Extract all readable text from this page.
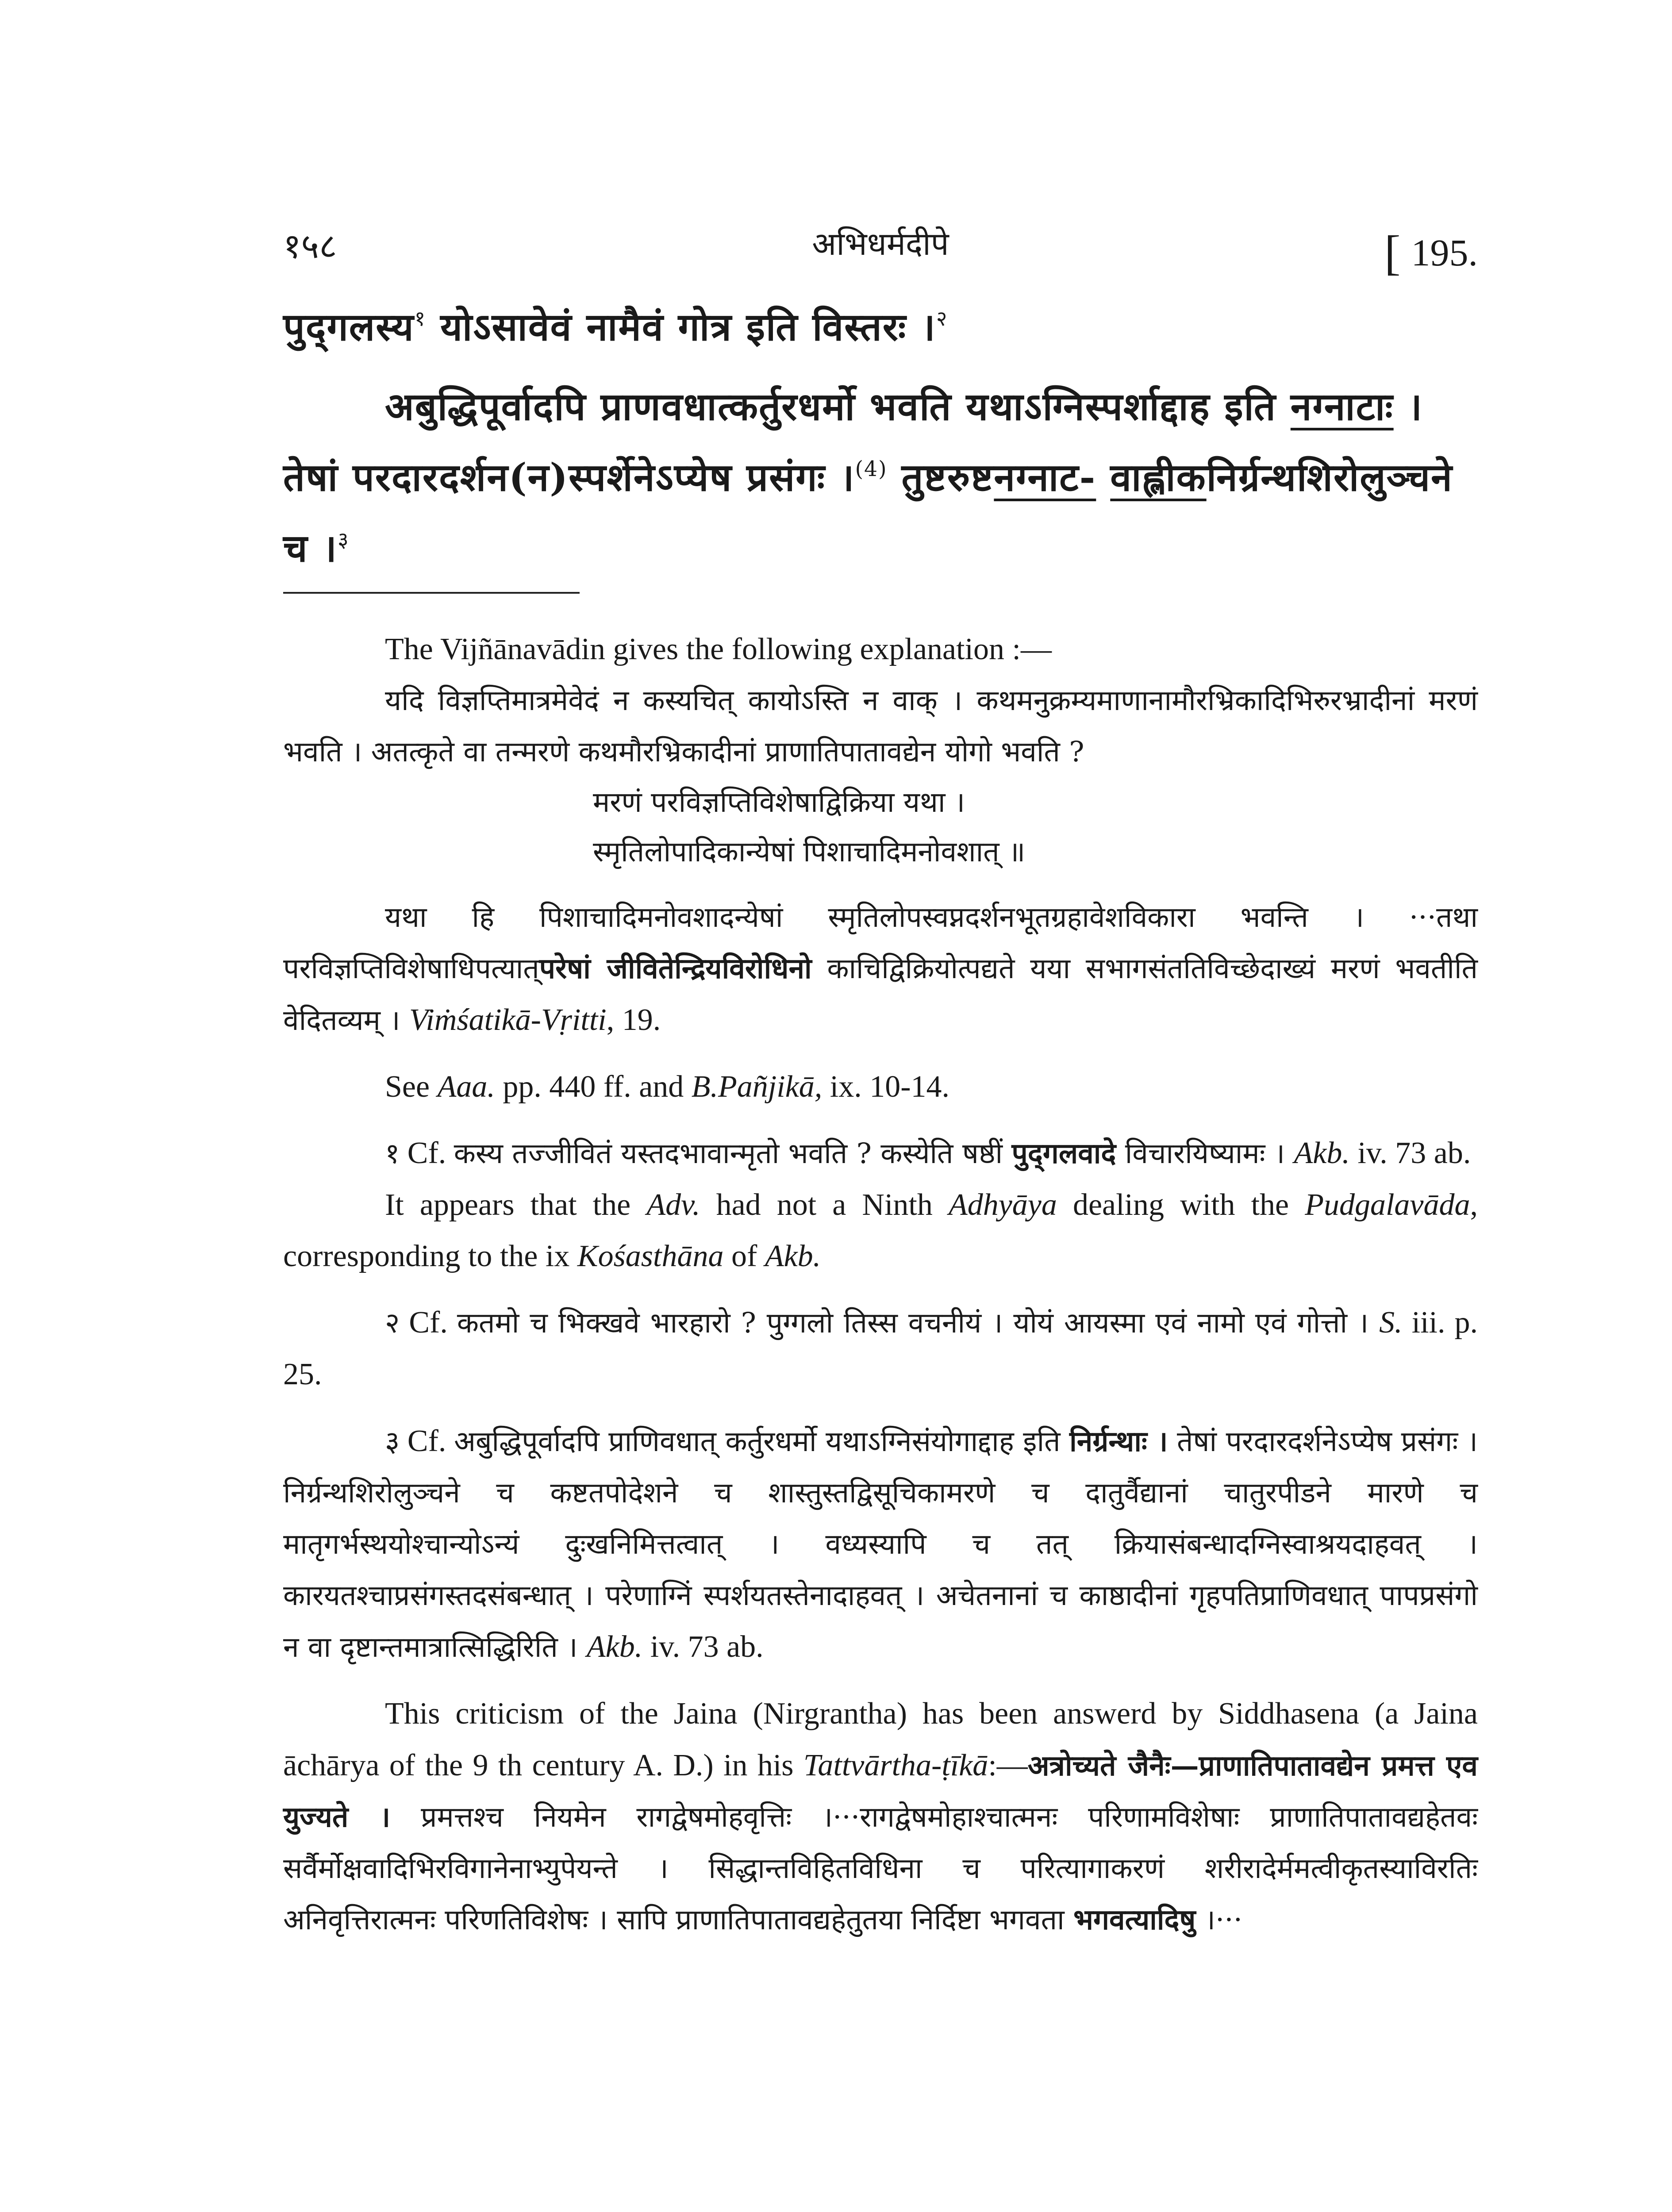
१५८	अभिधर्मदीपे	[ 195.

पुद्‌गलस्य$^१$ योऽसावेवं नामैवं गोत्र इति विस्तरः ।$^२$

अबुद्धिपूर्वादपि प्राणवधात्कर्तुरधर्मो भवति यथाऽग्निस्पर्शाद्दाह इति नग्नाटाः । तेषां परदारदर्शन(न)स्पर्शेनेऽप्येष प्रसंगः ।$^{(4)}$ तुष्टरुष्टनग्नाट- वाह्लीकनिर्ग्रन्थशिरोलुञ्चने च ।$^३$

The Vijñānavādin gives the following explanation :—

यदि विज्ञप्तिमात्रमेवेदं न कस्यचित् कायोऽस्ति न वाक् । कथमनुक्रम्यमाणानामौरभ्रिकादिभिरुरभ्रादीनां मरणं भवति । अतत्कृते वा तन्मरणे कथमौरभ्रिकादीनां प्राणातिपातावद्येन योगो भवति ?

मरणं परविज्ञप्तिविशेषाद्विक्रिया यथा ।

स्मृतिलोपादिकान्येषां पिशाचादिमनोवशात् ॥

यथा हि पिशाचादिमनोवशादन्येषां स्मृतिलोपस्वप्नदर्शनभूतग्रहावेशविकारा भवन्ति । ···तथा परविज्ञप्तिविशेषाधिपत्यात्परेषां जीवितेन्द्रियविरोधिनो काचिद्विक्रियोत्पद्यते यया सभागसंततिविच्छेदाख्यं मरणं भवतीति वेदितव्यम् । Viṁśatikā-Vṛitti, 19.

See Aaa. pp. 440 ff. and B.Pañjikā, ix. 10-14.

१ Cf. कस्य तज्जीवितं यस्तदभावान्मृतो भवति ? कस्येति षष्ठीं पुद्‌गलवादे विचारयिष्यामः । Akb. iv. 73 ab.

It appears that the Adv. had not a Ninth Adhyāya dealing with the Pudgalavāda, corresponding to the ix Kośasthāna of Akb.

२ Cf. कतमो च भिक्खवे भारहारो ? पुग्गलो तिस्स वचनीयं । योयं आयस्मा एवं नामो एवं गोत्तो । S. iii. p. 25.

३ Cf. अबुद्धिपूर्वादपि प्राणिवधात् कर्तुरधर्मो यथाऽग्निसंयोगाद्दाह इति निर्ग्रन्थाः । तेषां परदारदर्शनेऽप्येष प्रसंगः । निर्ग्रन्थशिरोलुञ्चने च कष्टतपोदेशने च शास्तुस्तद्विसूचिकामरणे च दातुर्वैद्यानां चातुरपीडने मारणे च मातृगर्भस्थयोश्चान्योऽन्यं दुःखनिमित्तत्वात् । वध्यस्यापि च तत् क्रियासंबन्धादग्निस्वाश्रयदाहवत् । कारयतश्चाप्रसंगस्तदसंबन्धात् । परेणाग्निं स्पर्शयतस्तेनादाहवत् । अचेतनानां च काष्ठादीनां गृहपतिप्राणिवधात् पापप्रसंगो न वा दृष्टान्तमात्रात्सिद्धिरिति । Akb. iv. 73 ab.

This criticism of the Jaina (Nirgrantha) has been answerd by Siddhasena (a Jaina āchārya of the 9 th century A. D.) in his Tattvārtha-ṭīkā:—अत्रोच्यते जैनैः—प्राणातिपातावद्येन प्रमत्त एव युज्यते । प्रमत्तश्च नियमेन रागद्वेषमोहवृत्तिः ।···रागद्वेषमोहाश्चात्मनः परिणामविशेषाः प्राणातिपातावद्यहेतवः सर्वैर्मोक्षवादिभिरविगानेनाभ्युपेयन्ते । सिद्धान्तविहितविधिना च परित्यागाकरणं शरीरादेर्ममत्वीकृतस्याविरतिः अनिवृत्तिरात्मनः परिणतिविशेषः । सापि प्राणातिपातावद्यहेतुतया निर्दिष्टा भगवता भगवत्यादिषु ।···
